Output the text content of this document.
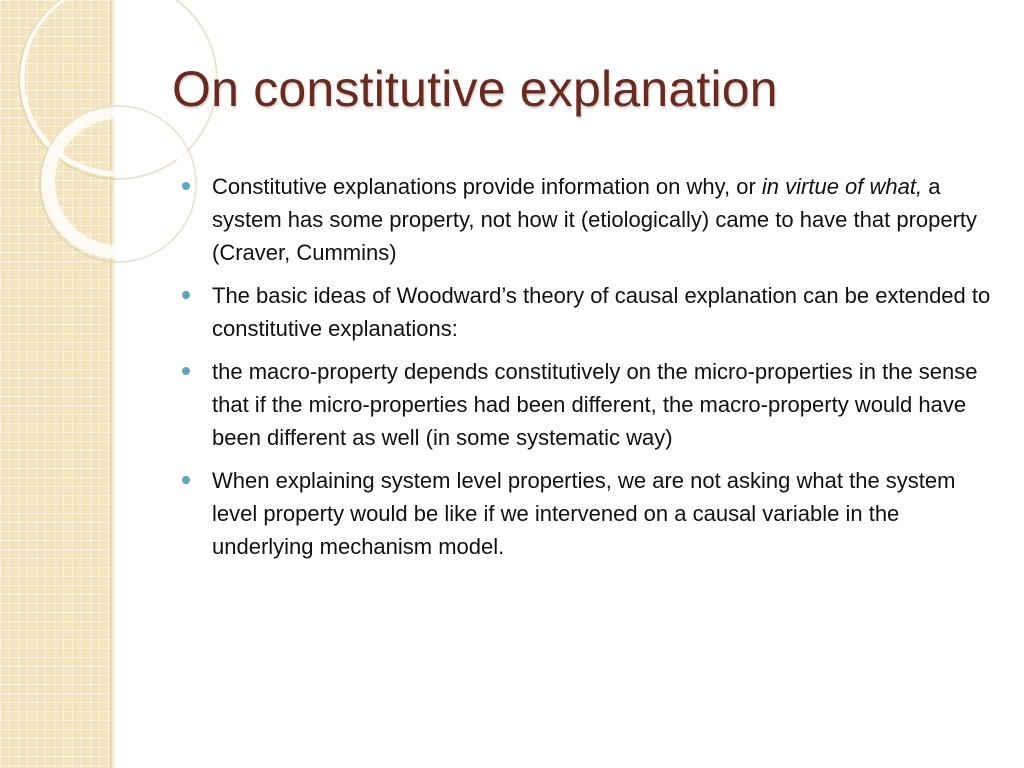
On constitutive explanation
Constitutive explanations provide information on why, or in virtue of what, a system has some property, not how it (etiologically) came to have that property (Craver, Cummins)
The basic ideas of Woodward’s theory of causal explanation can be extended to constitutive explanations:
the macro-property depends constitutively on the micro-properties in the sense that if the micro-properties had been different, the macro-property would have been different as well (in some systematic way)
When explaining system level properties, we are not asking what the system level property would be like if we intervened on a causal variable in the underlying mechanism model.
